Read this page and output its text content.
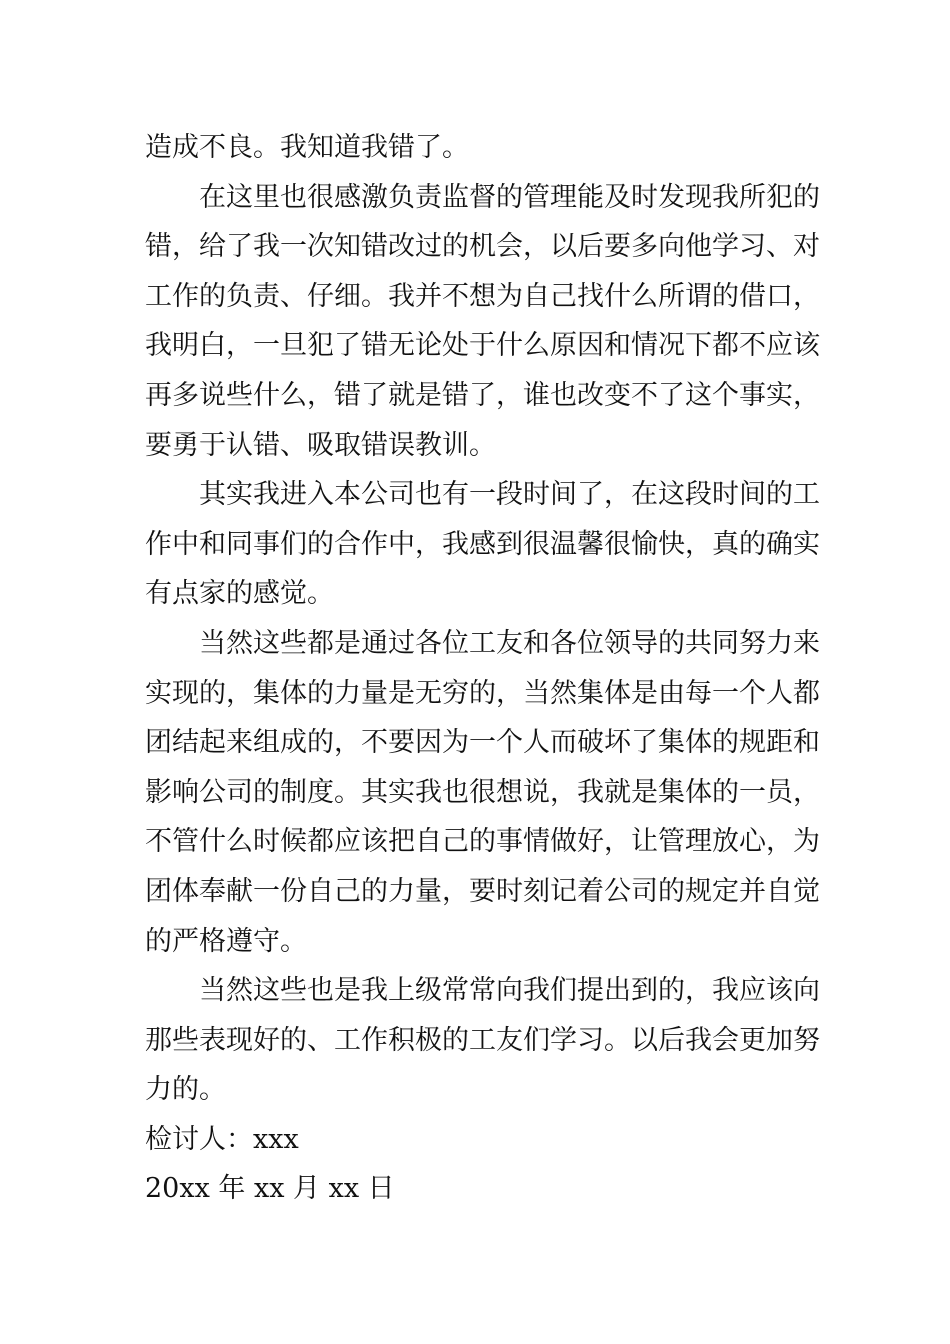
造成不良。我知道我错了。
在这里也很感激负责监督的管理能及时发现我所犯的
错，给了我一次知错改过的机会，以后要多向他学习、对
工作的负责、仔细。我并不想为自己找什么所谓的借口，
我明白，一旦犯了错无论处于什么原因和情况下都不应该
再多说些什么，错了就是错了，谁也改变不了这个事实，
要勇于认错、吸取错误教训。
其实我进入本公司也有一段时间了，在这段时间的工
作中和同事们的合作中，我感到很温馨很愉快，真的确实
有点家的感觉。
当然这些都是通过各位工友和各位领导的共同努力来
实现的，集体的力量是无穷的，当然集体是由每一个人都
团结起来组成的，不要因为一个人而破坏了集体的规距和
影响公司的制度。其实我也很想说，我就是集体的一员，
不管什么时候都应该把自己的事情做好，让管理放心，为
团体奉献一份自己的力量，要时刻记着公司的规定并自觉
的严格遵守。
当然这些也是我上级常常向我们提出到的，我应该向
那些表现好的、工作积极的工友们学习。以后我会更加努
力的。
检讨人：xxx
20xx 年 xx 月 xx 日
